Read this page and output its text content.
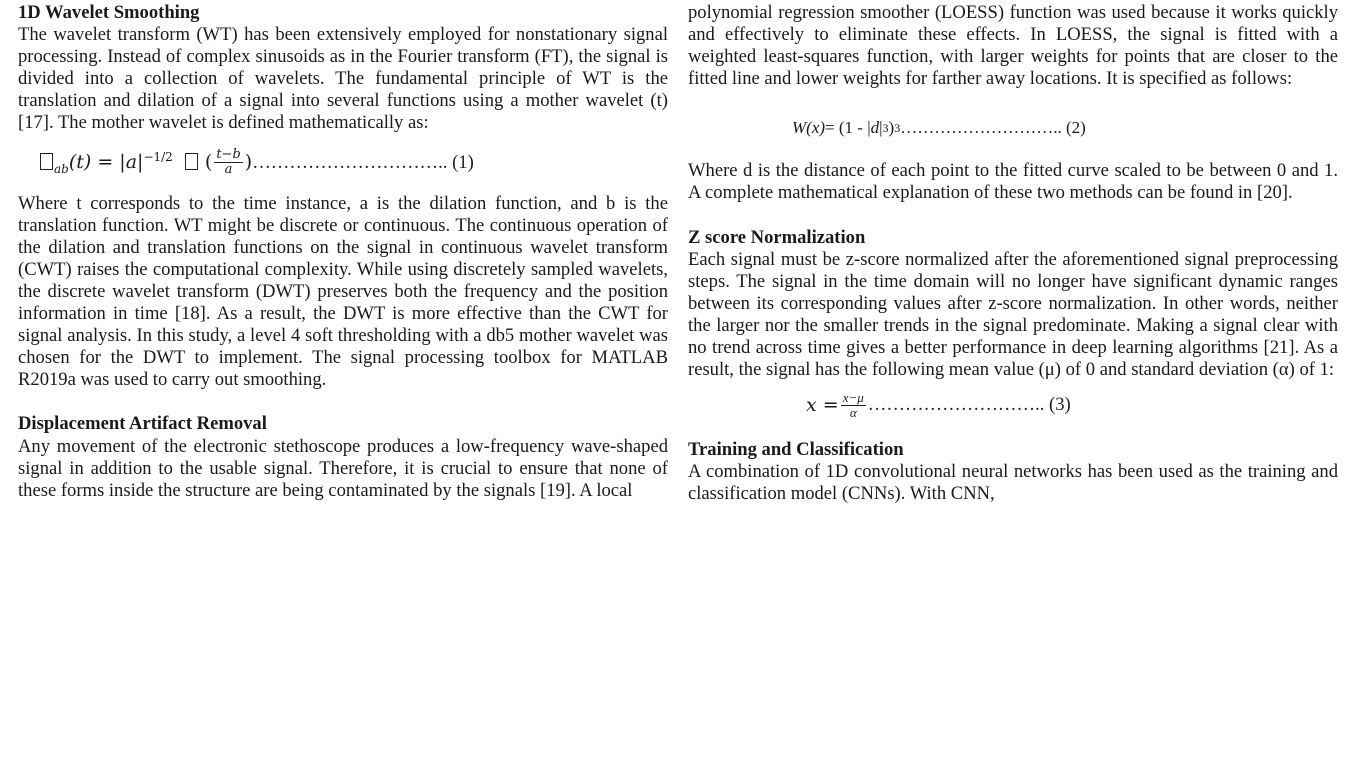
1D Wavelet Smoothing

The wavelet transform (WT) has been extensively employed for nonstationary signal processing. Instead of complex sinusoids as in the Fourier transform (FT), the signal is divided into a collection of wavelets. The fundamental principle of WT is the translation and dilation of a signal into several functions using a mother wavelet (t)[17]. The mother wavelet is defined mathematically as:

$_{ab}(t) = |a|^{-1/2}$ ( $\frac{t-b}{a}$ ) ………………………….. (1)

Where t corresponds to the time instance, a is the dilation function, and b is the translation function. WT might be discrete or continuous. The continuous operation of the dilation and translation functions on the signal in continuous wavelet transform (CWT) raises the computational complexity. While using discretely sampled wavelets, the discrete wavelet transform (DWT) preserves both the frequency and the position information in time [18]. As a result, the DWT is more effective than the CWT for signal analysis. In this study, a level 4 soft thresholding with a db5 mother wavelet was chosen for the DWT to implement. The signal processing toolbox for MATLAB R2019a was used to carry out smoothing.

Displacement Artifact Removal

Any movement of the electronic stethoscope produces a low-frequency wave-shaped signal in addition to the usable signal. Therefore, it is crucial to ensure that none of these forms inside the structure are being contaminated by the signals [19]. A local

polynomial regression smoother (LOESS) function was used because it works quickly and effectively to eliminate these effects. In LOESS, the signal is fitted with a weighted least-squares function, with larger weights for points that are closer to the fitted line and lower weights for farther away locations. It is specified as follows:

W(x) = (1 - | d | 3 ) 3 ……………………….. (2)

Where d is the distance of each point to the fitted curve scaled to be between 0 and 1. A complete mathematical explanation of these two methods can be found in [20].

Z score Normalization

Each signal must be z-score normalized after the aforementioned signal preprocessing steps. The signal in the time domain will no longer have significant dynamic ranges between its corresponding values after z-score normalization. In other words, neither the larger nor the smaller trends in the signal predominate. Making a signal clear with no trend across time gives a better performance in deep learning algorithms [21]. As a result, the signal has the following mean value (μ) of 0 and standard deviation (α) of 1:

$x = \frac{x-\mu}{\alpha}$ ……………………….. (3)

Training and Classification

A combination of 1D convolutional neural networks has been used as the training and classification model (CNNs). With CNN,
